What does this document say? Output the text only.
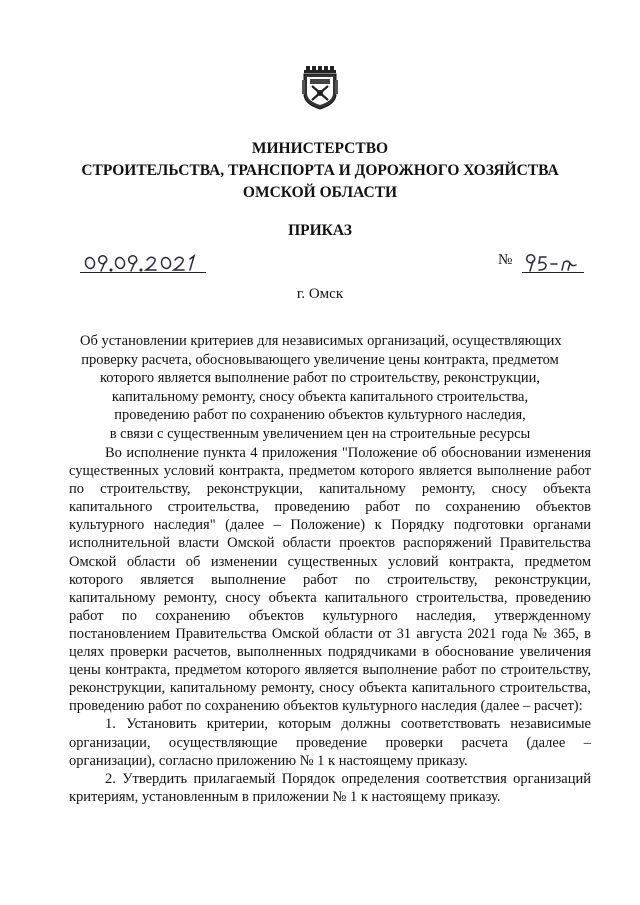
МИНИСТЕРСТВО
СТРОИТЕЛЬСТВА, ТРАНСПОРТА И ДОРОЖНОГО ХОЗЯЙСТВА
ОМСКОЙ ОБЛАСТИ
ПРИКАЗ
№
г. Омск
Об установлении критериев для независимых организаций, осуществляющих
проверку расчета, обосновывающего увеличение цены контракта, предметом
которого является выполнение работ по строительству, реконструкции,
капитальному ремонту, сносу объекта капитального строительства,
проведению работ по сохранению объектов культурного наследия,
в связи с существенным увеличением цен на строительные ресурсы

Во исполнение пункта 4 приложения "Положение об обосновании изменения существенных условий контракта, предметом которого является выполнение работ по строительству, реконструкции, капитальному ремонту, сносу объекта капитального строительства, проведению работ по сохранению объектов культурного наследия" (далее – Положение) к Порядку подготовки органами исполнительной власти Омской области проектов распоряжений Правительства Омской области об изменении существенных условий контракта, предметом которого является выполнение работ по строительству, реконструкции, капитальному ремонту, сносу объекта капитального строительства, проведению работ по сохранению объектов культурного наследия, утвержденному постановлением Правительства Омской области от 31 августа 2021 года № 365, в целях проверки расчетов, выполненных подрядчиками в обоснование увеличения цены контракта, предметом которого является выполнение работ по строительству, реконструкции, капитальному ремонту, сносу объекта капитального строительства, проведению работ по сохранению объектов культурного наследия (далее – расчет):

1. Установить критерии, которым должны соответствовать независимые организации, осуществляющие проведение проверки расчета (далее – организации), согласно приложению № 1 к настоящему приказу.

2. Утвердить прилагаемый Порядок определения соответствия организаций критериям, установленным в приложении № 1 к настоящему приказу.
